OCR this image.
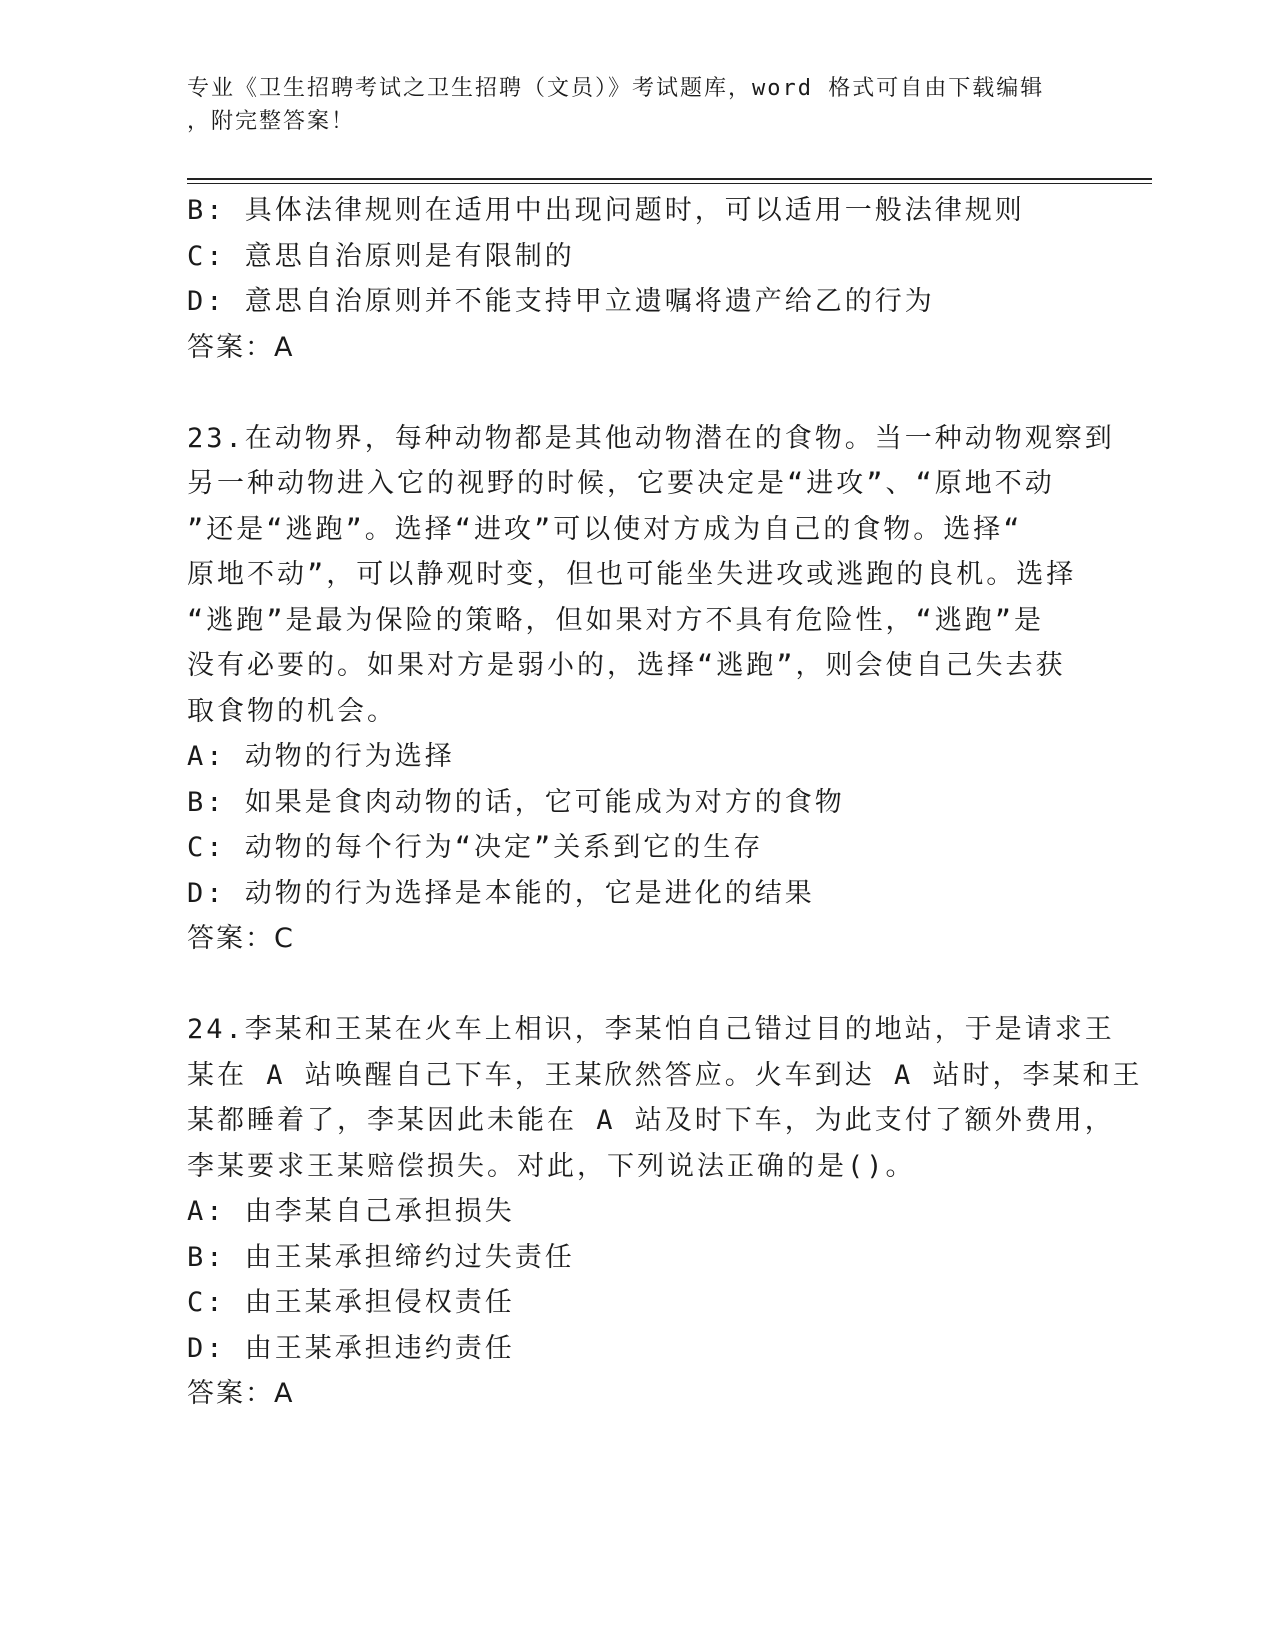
专业《卫生招聘考试之卫生招聘（文员）》考试题库，word 格式可自由下载编辑
，附完整答案！
B: 具体法律规则在适用中出现问题时，可以适用一般法律规则
C: 意思自治原则是有限制的
D: 意思自治原则并不能支持甲立遗嘱将遗产给乙的行为
答案：A
23.在动物界，每种动物都是其他动物潜在的食物。当一种动物观察到
另一种动物进入它的视野的时候，它要决定是“进攻”、“原地不动
”还是“逃跑”。选择“进攻”可以使对方成为自己的食物。选择“
原地不动”，可以静观时变，但也可能坐失进攻或逃跑的良机。选择
“逃跑”是最为保险的策略，但如果对方不具有危险性，“逃跑”是
没有必要的。如果对方是弱小的，选择“逃跑”，则会使自己失去获
取食物的机会。
A: 动物的行为选择
B: 如果是食肉动物的话，它可能成为对方的食物
C: 动物的每个行为“决定”关系到它的生存
D: 动物的行为选择是本能的，它是进化的结果
答案：C
24.李某和王某在火车上相识，李某怕自己错过目的地站，于是请求王
某在 A 站唤醒自己下车，王某欣然答应。火车到达 A 站时，李某和王
某都睡着了，李某因此未能在 A 站及时下车，为此支付了额外费用，
李某要求王某赔偿损失。对此，下列说法正确的是()。
A: 由李某自己承担损失
B: 由王某承担缔约过失责任
C: 由王某承担侵权责任
D: 由王某承担违约责任
答案：A
